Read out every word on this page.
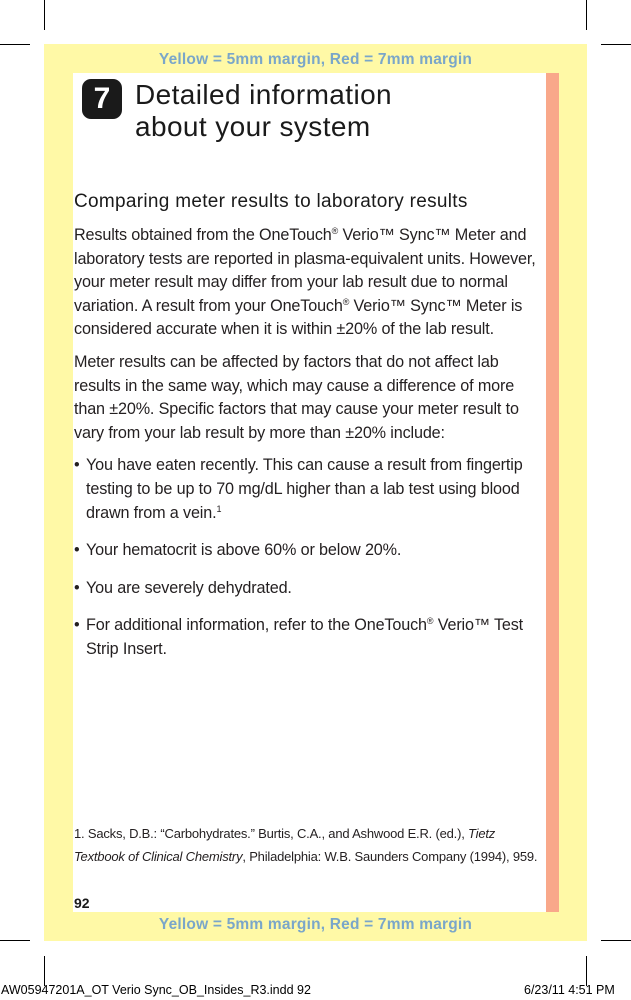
Yellow = 5mm margin, Red = 7mm margin
Yellow = 5mm margin, Red = 7mm margin
7 Detailed information
about your system
Comparing meter results to laboratory results

Results obtained from the OneTouch® Verio™ Sync™ Meter and laboratory tests are reported in plasma-equivalent units. However, your meter result may differ from your lab result due to normal variation. A result from your OneTouch® Verio™ Sync™ Meter is considered accurate when it is within ±20% of the lab result.

Meter results can be affected by factors that do not affect lab results in the same way, which may cause a difference of more than ±20%. Specific factors that may cause your meter result to vary from your lab result by more than ±20% include:

• You have eaten recently. This can cause a result from fingertip testing to be up to 70 mg/dL higher than a lab test using blood drawn from a vein.$^1$
• Your hematocrit is above 60% or below 20%.
• You are severely dehydrated.
• For additional information, refer to the OneTouch® Verio™ Test Strip Insert.
1. Sacks, D.B.: “Carbohydrates.” Burtis, C.A., and Ashwood E.R. (ed.), Tietz Textbook of Clinical Chemistry, Philadelphia: W.B. Saunders Company (1994), 959.
92
AW05947201A_OT Verio Sync_OB_Insides_R3.indd 92	6/23/11 4:51 PM
